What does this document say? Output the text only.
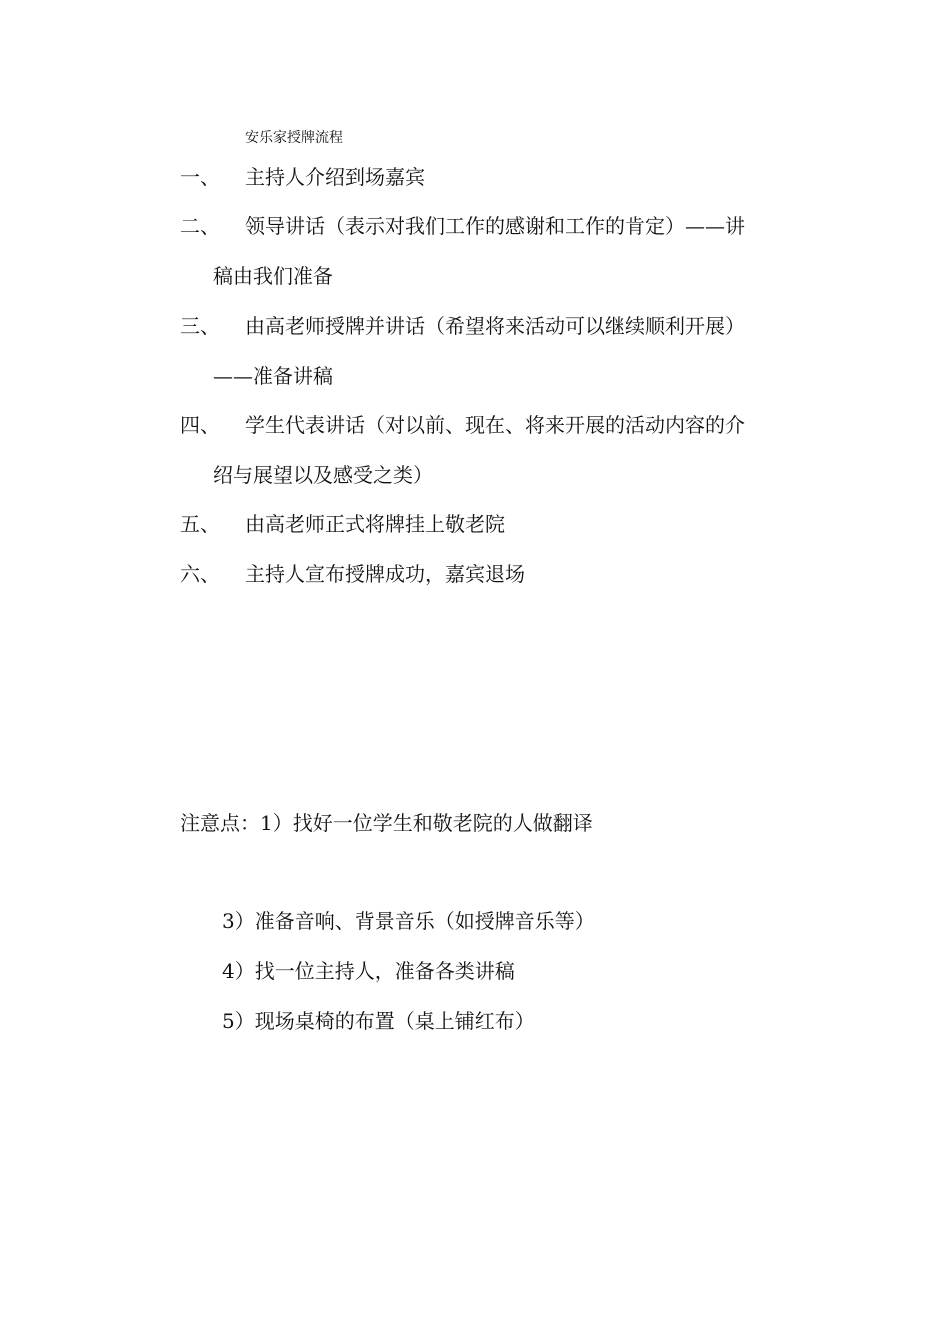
安乐家授牌流程
一、 主持人介绍到场嘉宾
二、 领导讲话（表示对我们工作的感谢和工作的肯定）——讲
稿由我们准备
三、 由高老师授牌并讲话（希望将来活动可以继续顺利开展）
——准备讲稿
四、 学生代表讲话（对以前、现在、将来开展的活动内容的介
绍与展望以及感受之类）
五、 由高老师正式将牌挂上敬老院
六、 主持人宣布授牌成功，嘉宾退场
注意点：1）找好一位学生和敬老院的人做翻译
3）准备音响、背景音乐（如授牌音乐等）
4）找一位主持人，准备各类讲稿
5）现场桌椅的布置（桌上铺红布）
